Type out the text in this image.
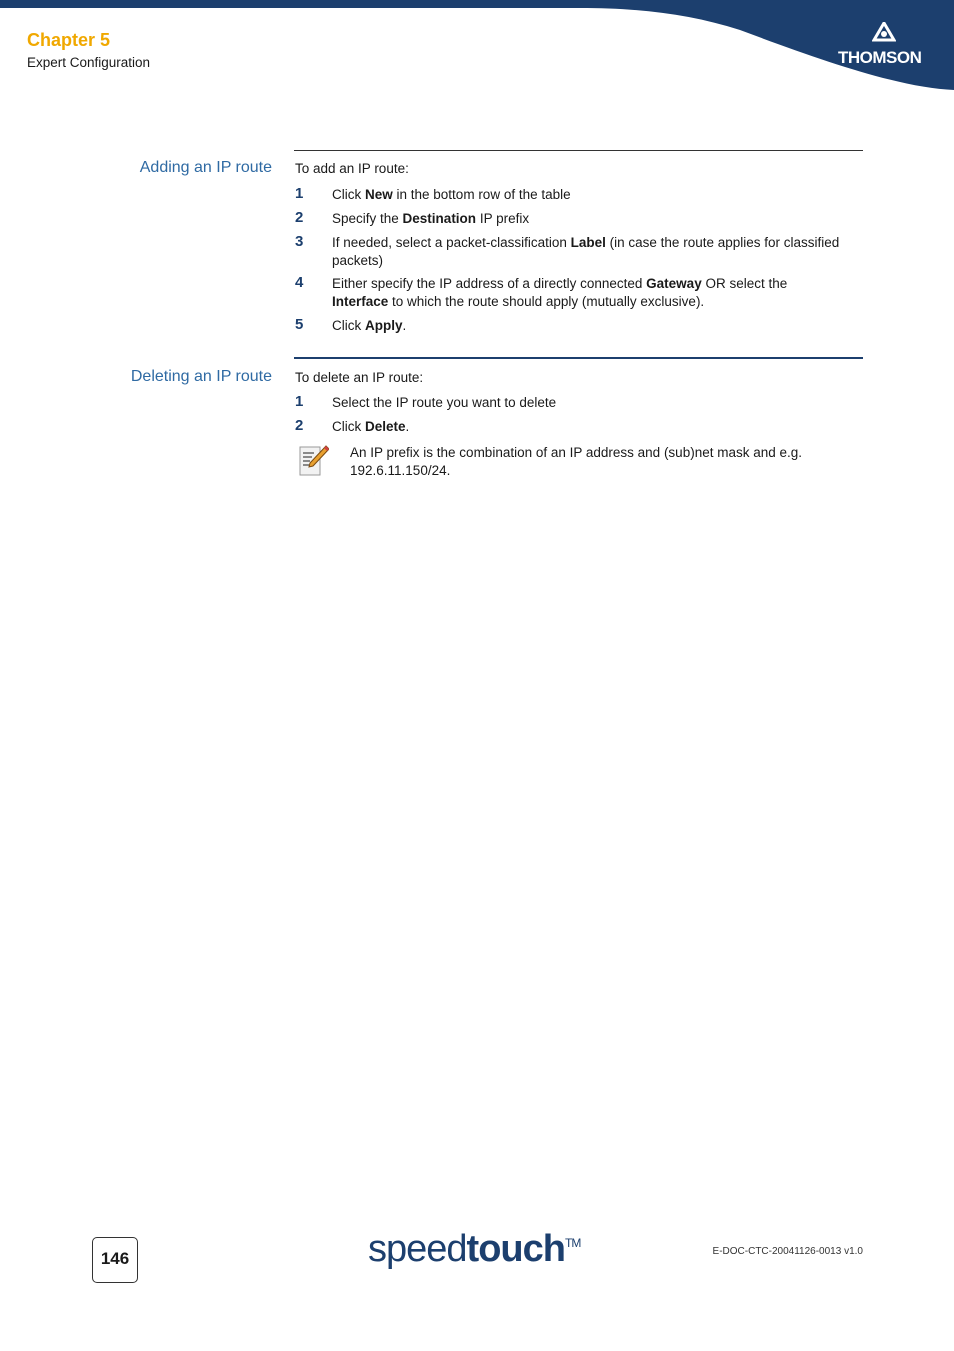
Chapter 5
Expert Configuration	THOMSON
Adding an IP route To add an IP route:
1 Click New in the bottom row of the table
2 Specify the Destination IP prefix
3 If needed, select a packet-classification Label (in case the route applies for classified packets)
4 Either specify the IP address of a directly connected Gateway OR select the Interface to which the route should apply (mutually exclusive).
5 Click Apply.
Deleting an IP route To delete an IP route:
1 Select the IP route you want to delete
2 Click Delete.
An IP prefix is the combination of an IP address and (sub)net mask and e.g. 192.6.11.150/24.
146	speedtouch™
E-DOC-CTC-20041126-0013 v1.0
